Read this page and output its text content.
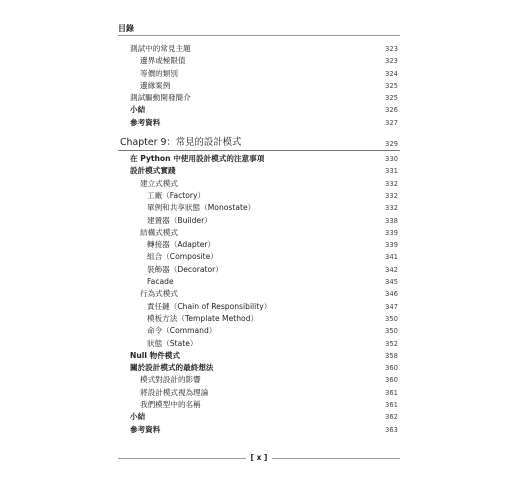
目錄
測試中的常見主題	323
邊界或極限值	323
等價的類別	324
邊緣案例	325
測試驅動開發簡介	325
小結	326
參考資料	327
Chapter 9：常見的設計模式	329
在 Python 中使用設計模式的注意事項	330
設計模式實踐	331
建立式模式	332
工廠（Factory）	332
單例和共享狀態（Monostate）	332
建置器（Builder）	338
結構式模式	339
轉接器（Adapter）	339
組合（Composite）	341
裝飾器（Decorator）	342
Facade	345
行為式模式	346
責任鏈（Chain of Responsibility）	347
模板方法（Template Method）	350
命令（Command）	350
狀態（State）	352
Null 物件模式	358
關於設計模式的最終想法	360
模式對設計的影響	360
將設計模式視為理論	361
我們模型中的名稱	361
小結	362
參考資料	363
[ x ]
